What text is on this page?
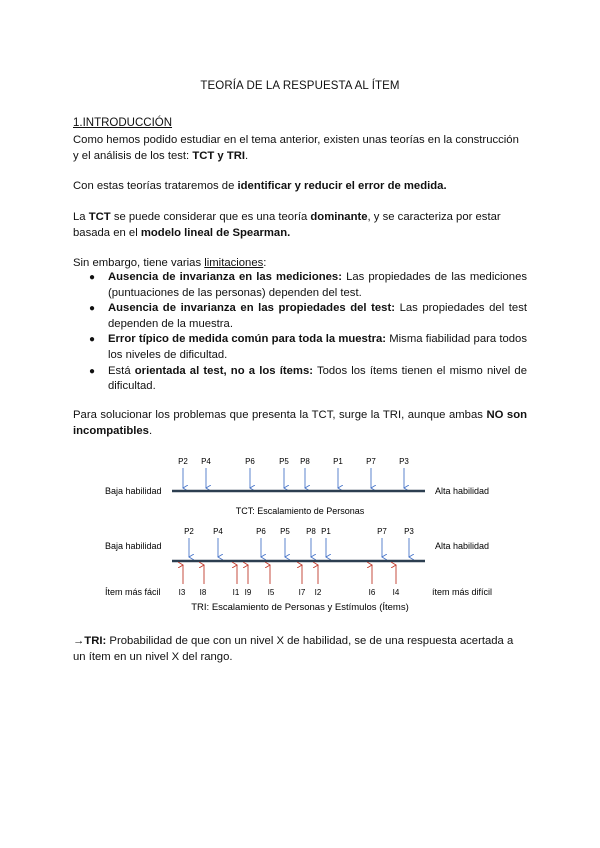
TEORÍA DE LA RESPUESTA AL ÍTEM
1.INTRODUCCIÓN
Como hemos podido estudiar en el tema anterior, existen unas teorías en la construcción y el análisis de los test: TCT y TRI.
Con estas teorías trataremos de identificar y reducir el error de medida.
La TCT se puede considerar que es una teoría dominante, y se caracteriza por estar basada en el modelo lineal de Spearman.
Sin embargo, tiene varias limitaciones:
● Ausencia de invarianza en las mediciones: Las propiedades de las mediciones (puntuaciones de las personas) dependen del test.
● Ausencia de invarianza en las propiedades del test: Las propiedades del test dependen de la muestra.
● Error típico de medida común para toda la muestra: Misma fiabilidad para todos los niveles de dificultad.
● Está orientada al test, no a los ítems: Todos los ítems tienen el mismo nivel de dificultad.
Para solucionar los problemas que presenta la TCT, surge la TRI, aunque ambas NO son incompatibles.
P2 P4	P6	P5 P8	P1	P7	P3
Baja habilidad	Alta habilidad
TCT: Escalamiento de Personas
P2 P4	P6 P5 P8 P1	P7 P3
Baja habilidad	Alta habilidad
Ítem más fácil I3 I8	I1 I9 I5	I7 I2	I6 I4	ítem más difícil
TRI: Escalamiento de Personas y Estímulos (Ítems)
→TRI: Probabilidad de que con un nivel X de habilidad, se de una respuesta acertada a un ítem en un nivel X del rango.
